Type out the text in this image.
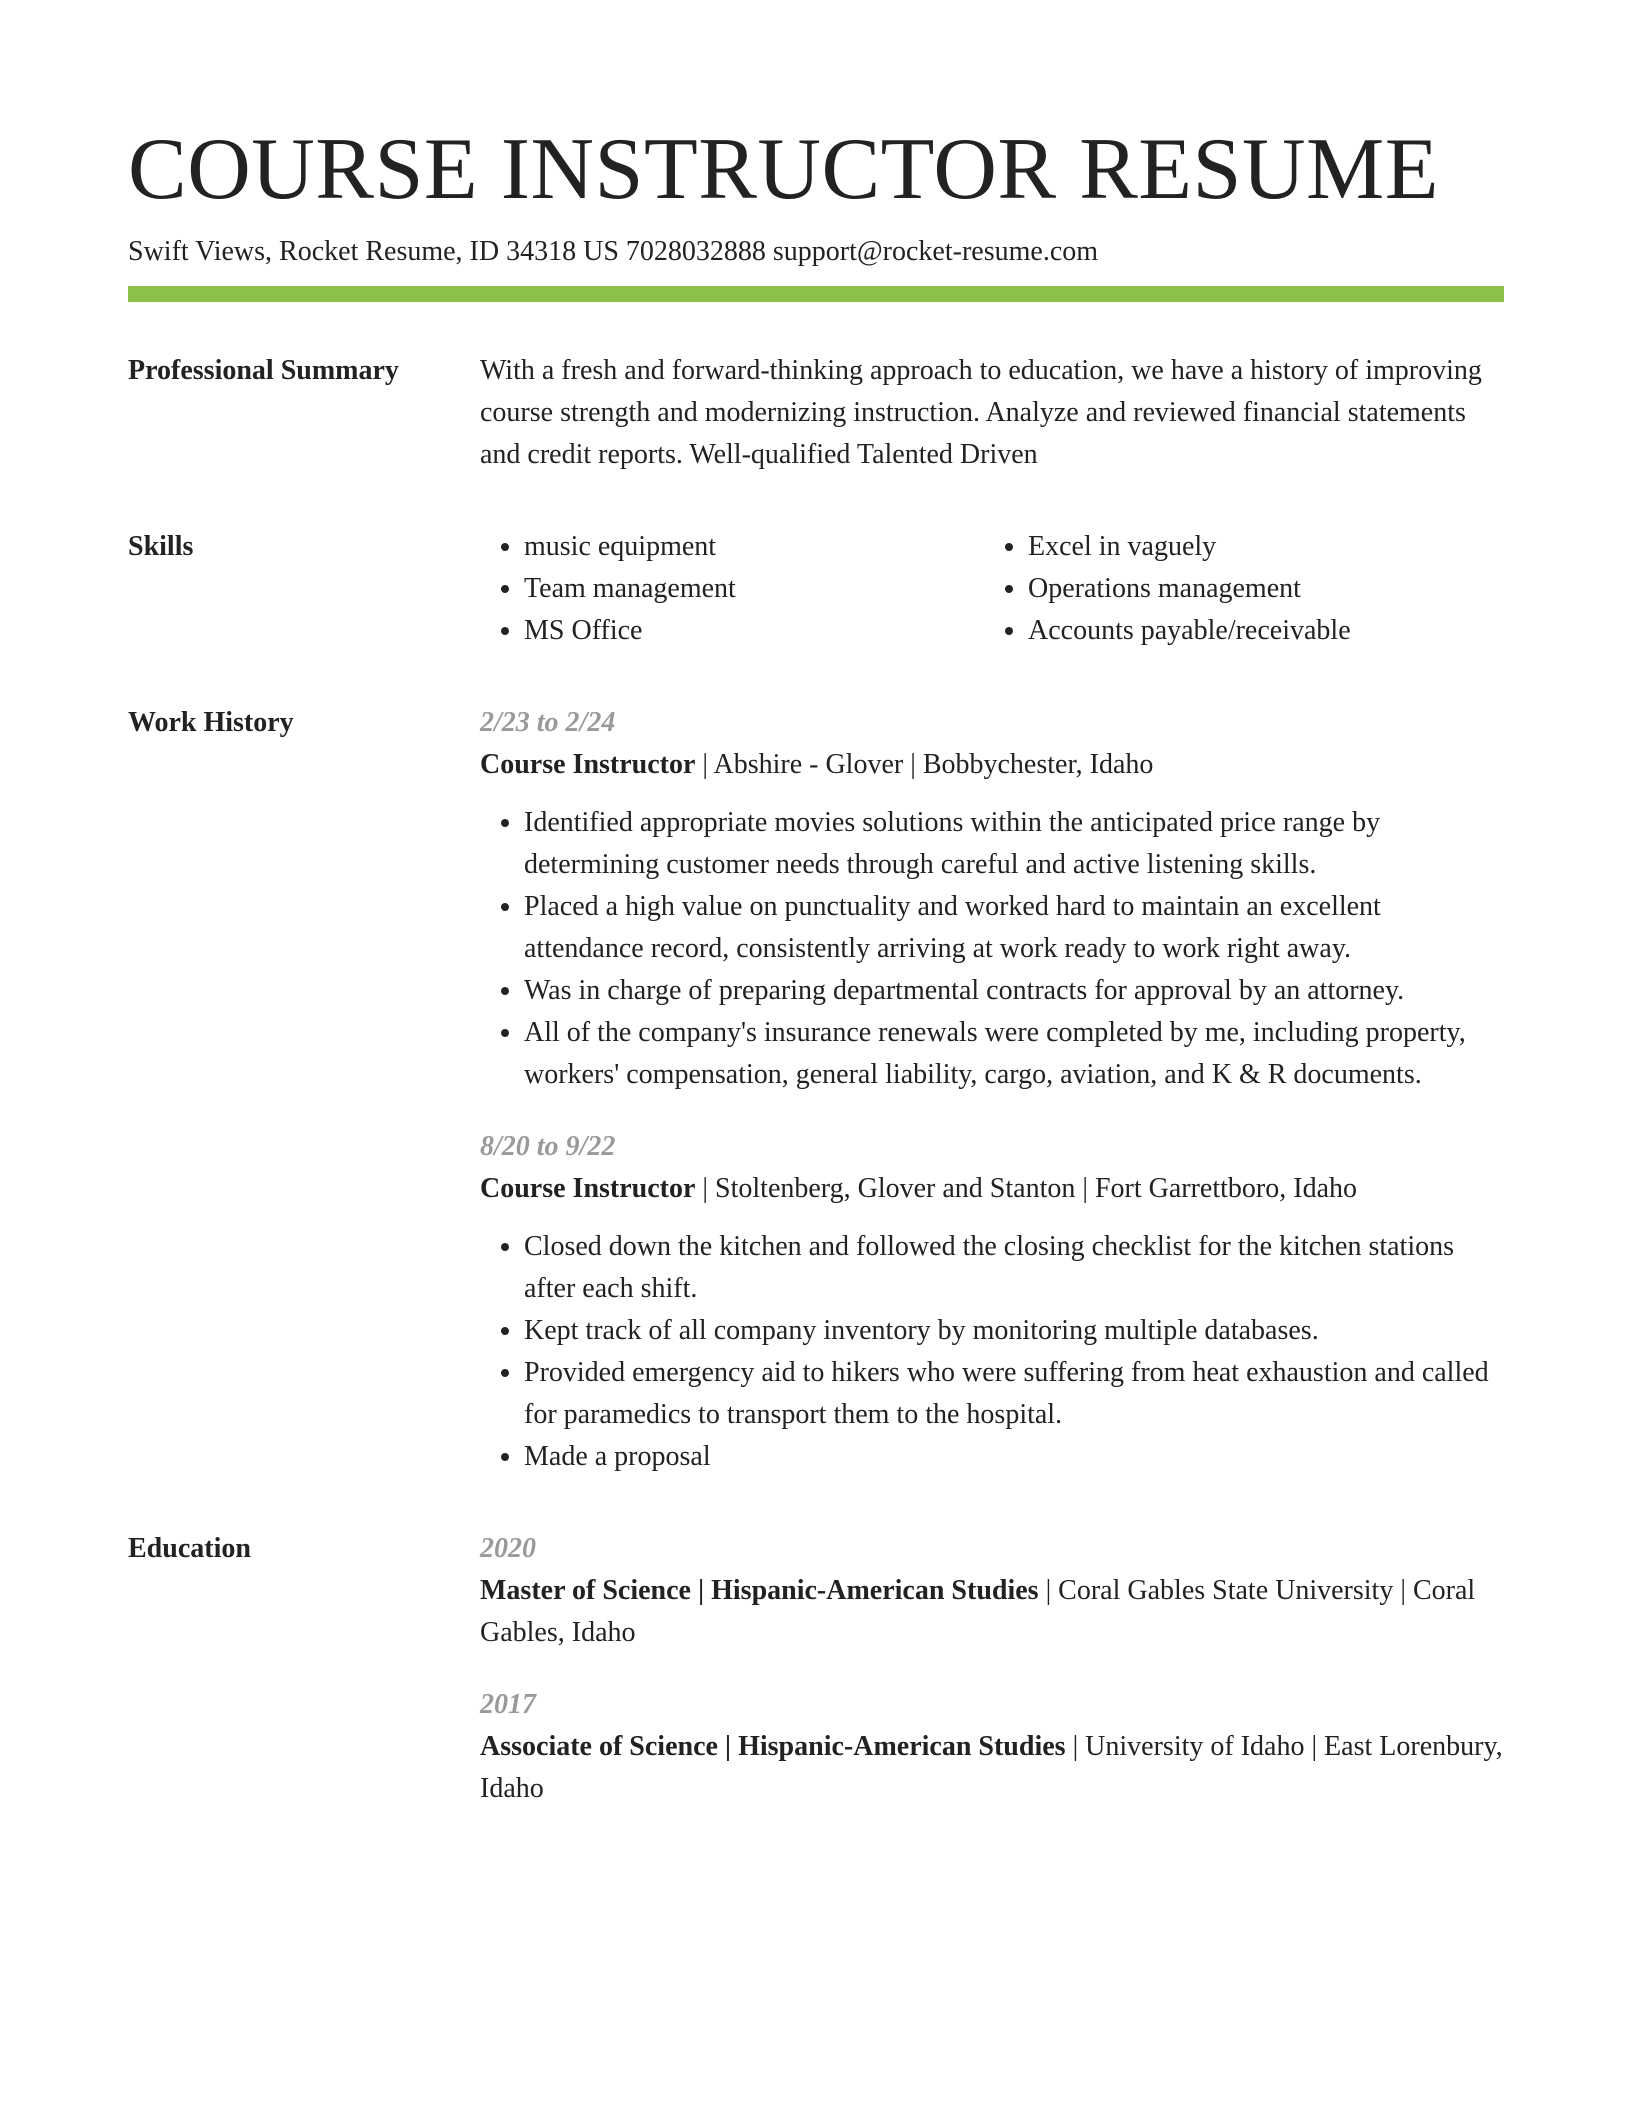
COURSE INSTRUCTOR RESUME
Swift Views, Rocket Resume, ID 34318 US 7028032888 support@rocket-resume.com
Professional Summary	With a fresh and forward-thinking approach to education, we have a history of improving course strength and modernizing instruction. Analyze and reviewed financial statements and credit reports. Well-qualified Talented Driven

Skills
•	music equipment
• Team management
• MS Office
• Excel in vaguely
• Operations management
• Accounts payable/receivable
Work History	2/23 to 2/24
Course Instructor | Abshire - Glover | Bobbychester, Idaho
• Identified appropriate movies solutions within the anticipated price range by determining customer needs through careful and active listening skills.
• Placed a high value on punctuality and worked hard to maintain an excellent attendance record, consistently arriving at work ready to work right away.
• Was in charge of preparing departmental contracts for approval by an attorney.
• All of the company's insurance renewals were completed by me, including property, workers' compensation, general liability, cargo, aviation, and K & R documents.
8/20 to 9/22
Course Instructor | Stoltenberg, Glover and Stanton | Fort Garrettboro, Idaho
• Closed down the kitchen and followed the closing checklist for the kitchen stations after each shift.
• Kept track of all company inventory by monitoring multiple databases.
• Provided emergency aid to hikers who were suffering from heat exhaustion and called for paramedics to transport them to the hospital.
• Made a proposal
Education	2020
Master of Science | Hispanic-American Studies | Coral Gables State University | Coral Gables, Idaho
2017
Associate of Science | Hispanic-American Studies | University of Idaho | East Lorenbury, Idaho
